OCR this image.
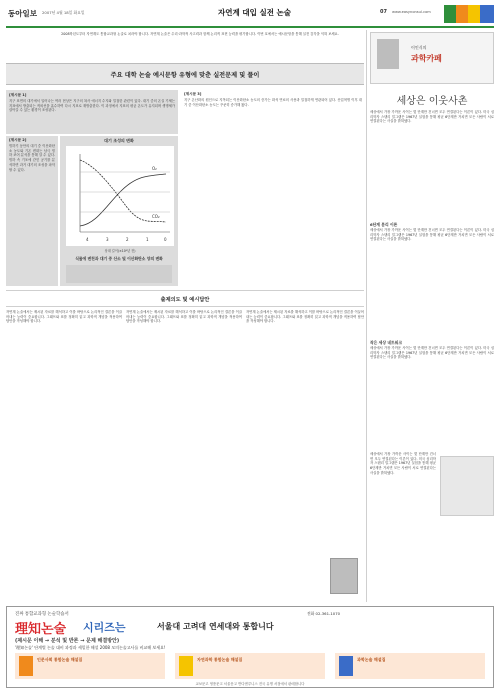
동아일보 2007년 4월 18일 화요일	자연계 대입 실전 논술	07 www.easynonsul.com
2008학년도부터 자연계도 통합교과형 논술로 치러야 합니다. 자연계 논술은 수리·과학적 사고력과 함께 논리적 표현 능력을 평가합니다. 이번 호에서는 예시문항을 통해 실전 감각을 익혀 보세요.
주요 대학 논술 예시문항 유형에 맞춘 실전문제 및 풀이
[제시문 1]
지구 표면의 대기에서 일어나는 여러 현상은 지구의 복사 에너지 수지와 밀접한 관련이 있다. 대기 중의 온실 기체는 지표에서 방출되는 적외선을 흡수하여 다시 지표로 재방출한다. 이 과정에서 지표의 평균 온도가 유지되며 생명체가 살아갈 수 있는 환경이 조성된다.
[제시문 2]
빙하기 동안의 대기 중 이산화탄소 농도와 기온 변화는 남극 빙하 코어 분석을 통해 알 수 있다. 빙하 속 기포에 갇힌 공기를 분석하면 과거 대기의 조성을 파악할 수 있다.
대기 조성의 변화
4	3	2	1	0
O₂
CO₂
상대 길이(×10⁶년 전)
식물에 변천과 대기 중 산소 및 이산화탄소 양의 변화
[제시문 3]
지구 온난화의 원인으로 지목되는 이산화탄소 농도의 증가는 화석 연료의 사용과 밀접하게 연관되어 있다. 산업혁명 이후 대기 중 이산화탄소 농도는 꾸준히 증가해 왔다.
출제의도 및 예시답안
자연계 논술에서는 제시된 자료를 해석하고 이를 바탕으로 논리적인 결론을 이끌어내는 능력이 중요합니다. 그래프와 표를 정확히 읽고 과학적 개념을 적용하여 답안을 작성해야 합니다.
자연계 논술에서는 제시된 자료를 해석하고 이를 바탕으로 논리적인 결론을 이끌어내는 능력이 중요합니다. 그래프와 표를 정확히 읽고 과학적 개념을 적용하여 답안을 작성해야 합니다.
자연계 논술에서는 제시된 자료를 해석하고 이를 바탕으로 논리적인 결론을 이끌어내는 능력이 중요합니다. 그래프와 표를 정확히 읽고 과학적 개념을 적용하여 답안을 작성해야 합니다.
이인식의
과학카페
세상은 이웃사촌
세상에서 가장 가까운 사이는 몇 단계만 건너면 모두 연결된다는 이론이 있다. 미국 심리학자 스탠리 밀그램은 1967년 실험을 통해 평균 6단계만 거치면 모든 사람이 서로 연결된다는 사실을 밝혀냈다.
6단계 분리 이론
세상에서 가장 가까운 사이는 몇 단계만 건너면 모두 연결된다는 이론이 있다. 미국 심리학자 스탠리 밀그램은 1967년 실험을 통해 평균 6단계만 거치면 모든 사람이 서로 연결된다는 사실을 밝혀냈다.
작은 세상 네트워크
세상에서 가장 가까운 사이는 몇 단계만 건너면 모두 연결된다는 이론이 있다. 미국 심리학자 스탠리 밀그램은 1967년 실험을 통해 평균 6단계만 거치면 모든 사람이 서로 연결된다는 사실을 밝혀냈다.
세상에서 가장 가까운 사이는 몇 단계만 건너면 모두 연결된다는 이론이 있다. 미국 심리학자 스탠리 밀그램은 1967년 실험을 통해 평균 6단계만 거치면 모든 사람이 서로 연결된다는 사실을 밝혀냈다.
진짜 통합교과형 논술학습서	전화 02-361-1070
理知논술 시리즈는	서울대 고려대 연세대와 통합니다
(제시문 이해 → 분석 및 반론 → 문제 해결방안)
'理知논술' 단계별 논술 대비 과정과 세밀한 해설 2008 모의논술고사를 비교해 보세요!
인문사회 통합논술 해설집	자연과학 통합논술 해설집	과학논술 해설집
교보문고 영풍문고 서울문고 반디앤루니스 전국 유명 서점에서 판매합니다
